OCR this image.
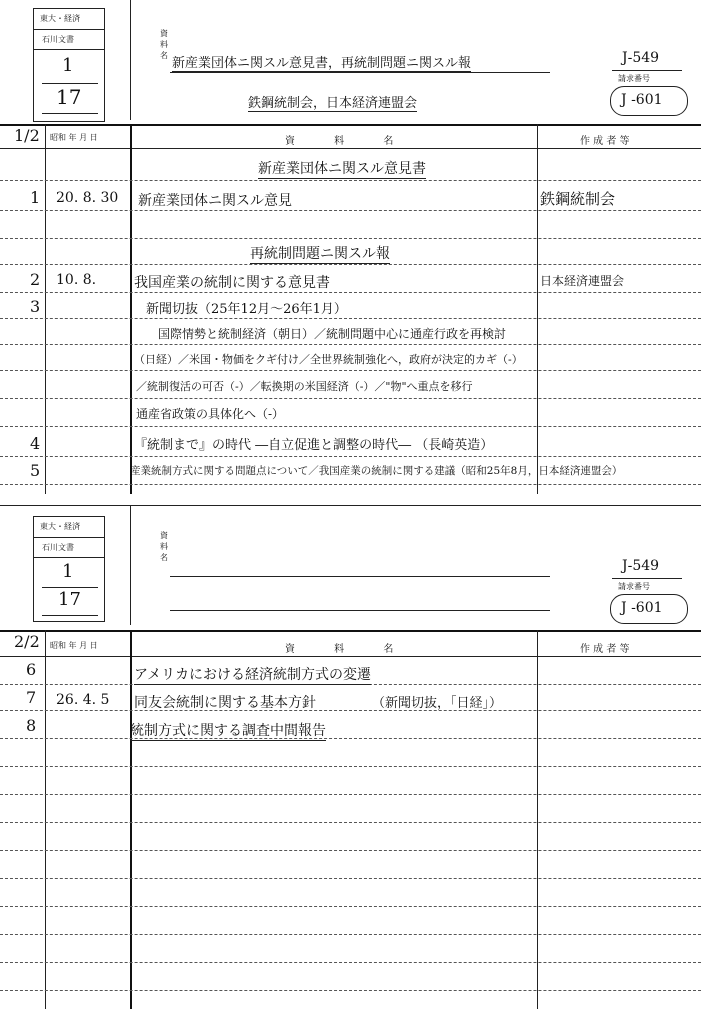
東大・経済
石川文書
1
17
資料名
新産業団体ニ関スル意見書，再統制問題ニ関スル報
鉄鋼統制会，日本経済連盟会
J-549
請求番号
J -601
1/2 昭和 年 月 日	資 料 名	作 成 者 等
新産業団体ニ関スル意見書
再統制問題ニ関スル報
1 20. 8. 30 新産業団体ニ関スル意見	鉄鋼統制会
2 10. 8.	我国産業の統制に関する意見書	日本経済連盟会
3	新聞切抜（25年12月～26年1月）
国際情勢と統制経済（朝日）／統制問題中心に通産行政を再検討
（日経）／米国・物価をクギ付け／全世界統制強化へ，政府が決定的カギ（-）
／統制復活の可否（-）／転換期の米国経済（-）／"物"へ重点を移行
通産省政策の具体化へ（-）
4	『統制まで』の時代 ―自立促進と調整の時代― （長崎英造）
5	産業統制方式に関する問題点について／我国産業の統制に関する建議（昭和25年8月，日本経済連盟会）
東大・経済
石川文書
1
17
資料名
J-549
請求番号
J -601
2/2 昭和 年 月 日	資 料 名	作 成 者 等
6	アメリカにおける経済統制方式の変遷
7 26. 4. 5 同友会統制に関する基本方針	（新聞切抜，「日経」）
8	統制方式に関する調査中間報告
